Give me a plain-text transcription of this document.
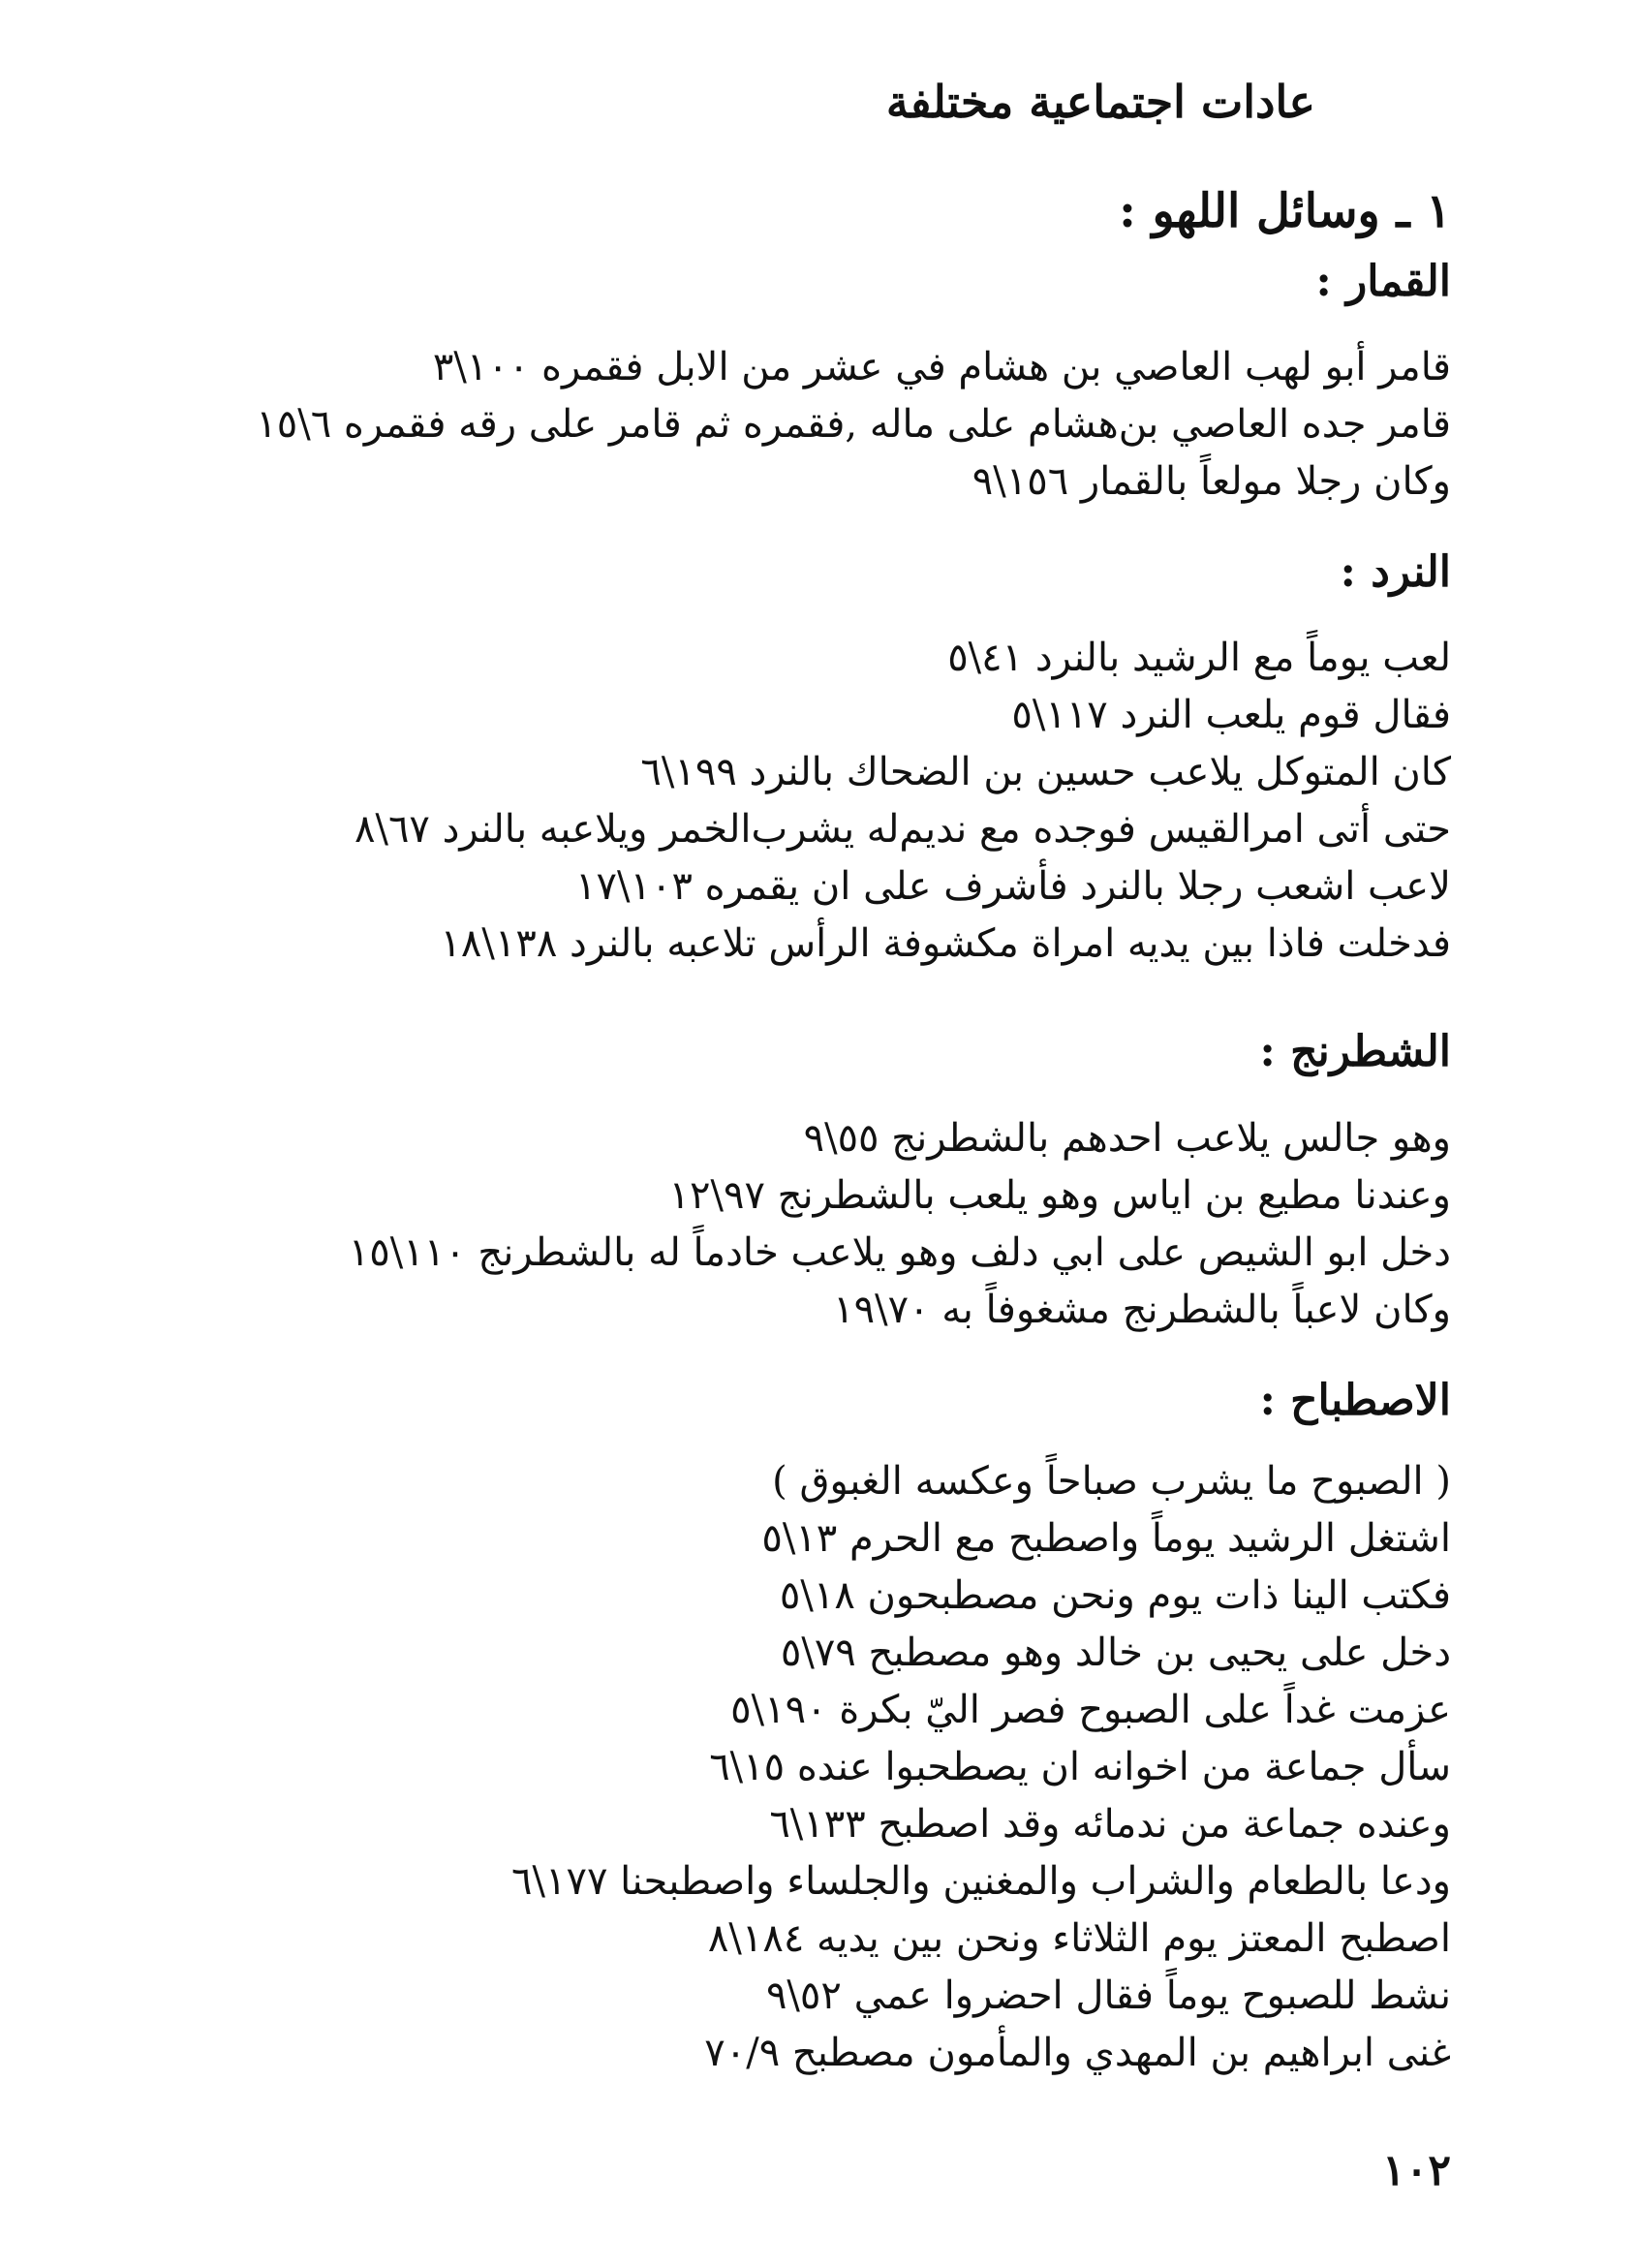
عادات اجتماعية مختلفة
١ ـ وسائل اللهو :
القمار :
قامر أبو لهب العاصي بن هشام في عشر من الابل فقمره ١٠٠\٣
قامر جده العاصي بن‌هشام على ماله ,فقمره ثم قامر على رقه فقمره ٦\١٥
وكان رجلا مولعاً بالقمار ١٥٦\٩
النرد :
لعب يوماً مع الرشيد بالنرد ٤١\٥
فقال قوم يلعب النرد ١١٧\٥
كان المتوكل يلاعب حسين بن الضحاك بالنرد ١٩٩\٦
حتى أتى امرالقيس فوجده مع نديم‌له يشرب‌الخمر ويلاعبه بالنرد ٦٧\٨
لاعب اشعب رجلا بالنرد فأشرف على ان يقمره ١٠٣\١٧
فدخلت فاذا بين يديه امراة مكشوفة الرأس تلاعبه بالنرد ١٣٨\١٨
الشطرنج :
وهو جالس يلاعب احدهم بالشطرنج ٥٥\٩
وعندنا مطيع بن اياس وهو يلعب بالشطرنج ٩٧\١٢
دخل ابو الشيص على ابي دلف وهو يلاعب خادماً له بالشطرنج ١١٠\١٥
وكان لاعباً بالشطرنج مشغوفاً به ٧٠\١٩
الاصطباح :
( الصبوح ما يشرب صباحاً وعكسه الغبوق )
اشتغل الرشيد يوماً واصطبح مع الحرم ١٣\٥
فكتب الينا ذات يوم ونحن مصطبحون ١٨\٥
دخل على يحيى بن خالد وهو مصطبح ٧٩\٥
عزمت غداً على الصبوح فصر اليّ بكرة ١٩٠\٥
سأل جماعة من اخوانه ان يصطحبوا عنده ١٥\٦
وعنده جماعة من ندمائه وقد اصطبح ١٣٣\٦
ودعا بالطعام والشراب والمغنين والجلساء واصطبحنا ١٧٧\٦
اصطبح المعتز يوم الثلاثاء ونحن بين يديه ١٨٤\٨
نشط للصبوح يوماً فقال احضروا عمي ٥٢\٩
غنى ابراهيم بن المهدي والمأمون مصطبح ٧٠/٩
١٠٢
